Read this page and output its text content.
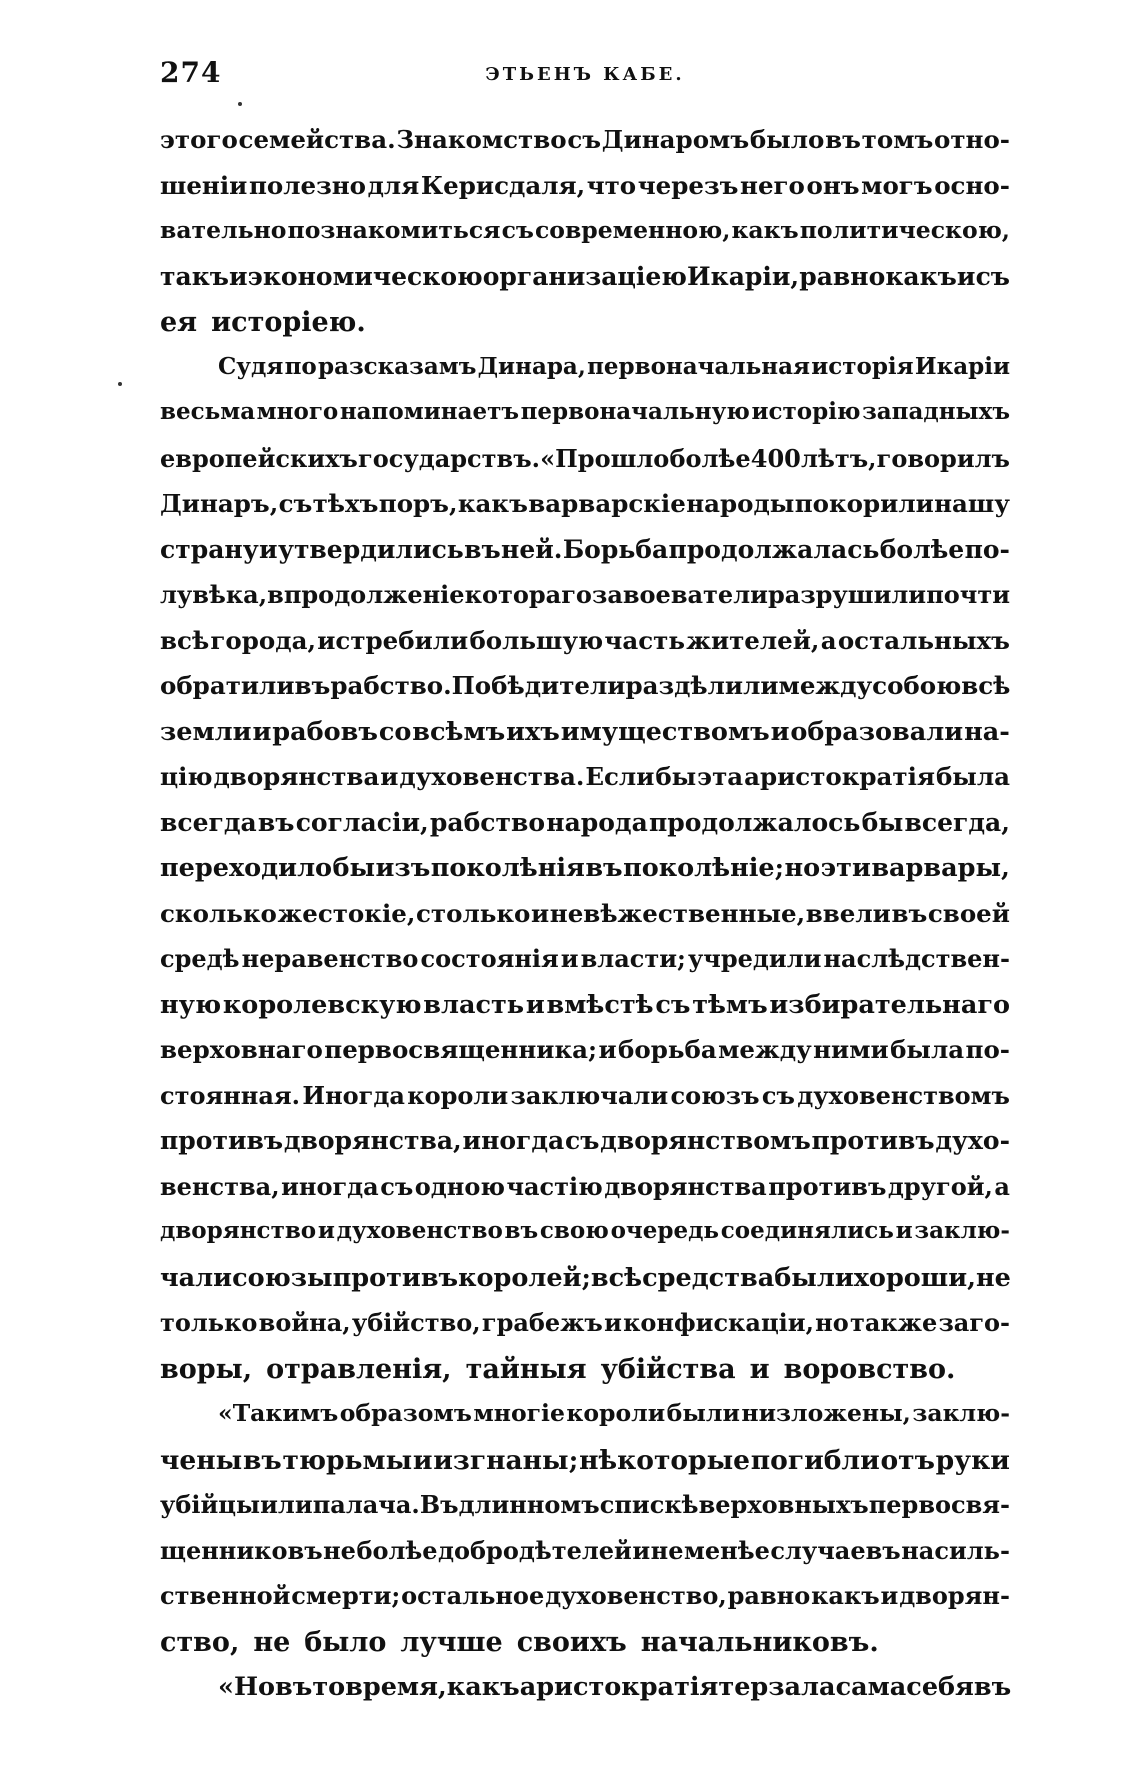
274	ЭТЬЕНЪ КАБЕ.
этого семейства. Знакомство съ Динаромъ было въ томъ отно-
шеніи полезно для Керисдаля, что черезъ него онъ могъ осно-
вательно познакомиться съ современною, какъ политическою,
такъ и экономическою организаціею Икаріи, равно какъ и съ
ея исторіею.
Судя по разсказамъ Динара, первоначальная исторія Икаріи
весьма много напоминаетъ первоначальную исторію западныхъ
европейскихъ государствъ. «Прошло болѣе 400 лѣтъ, говорилъ
Динаръ, съ тѣхъ поръ, какъ варварскіе народы покорили нашу
страну и утвердились въ ней. Борьба продолжалась болѣе по-
лувѣка, впродолженіе котораго завоеватели разрушили почти
всѣ города, истребили большую часть жителей, а остальныхъ
обратили въ рабство. Побѣдители раздѣлили между собою всѣ
земли и рабовъ со всѣмъ ихъ имуществомъ и образовали на-
цію дворянства и духовенства. Если бы эта аристократія была
всегда въ согласіи, рабство народа продолжалось бы всегда,
переходило бы изъ поколѣнія въ поколѣніе; но эти варвары,
сколько жестокіе, столько и невѣжественные, ввели въ своей
средѣ неравенство состоянія и власти; учредили наслѣдствен-
ную королевскую власть и вмѣстѣ съ тѣмъ избирательнаго
верховнаго первосвященника; и борьба между ними была по-
стоянная. Иногда короли заключали союзъ съ духовенствомъ
противъ дворянства, иногда съ дворянствомъ противъ духо-
венства, иногда съ одною частію дворянства противъ другой, а
дворянство и духовенство въ свою очередь соединялись и заклю-
чали союзы противъ королей; всѣ средства были хороши, не
только война, убійство, грабежъ и конфискаціи, но также заго-
воры, отравленія, тайныя убійства и воровство.
«Такимъ образомъ многіе короли были низложены, заклю-
чены въ тюрьмы и изгнаны; нѣкоторые погибли отъ руки
убійцы или палача. Въ длинномъ спискѣ верховныхъ первосвя-
щенниковъ не болѣе добродѣтелей и не менѣе случаевъ насиль-
ственной смерти; остальное духовенство, равно какъ и дворян-
ство, не было лучше своихъ начальниковъ.
«Но въ то время, какъ аристократія терзала сама себя въ
